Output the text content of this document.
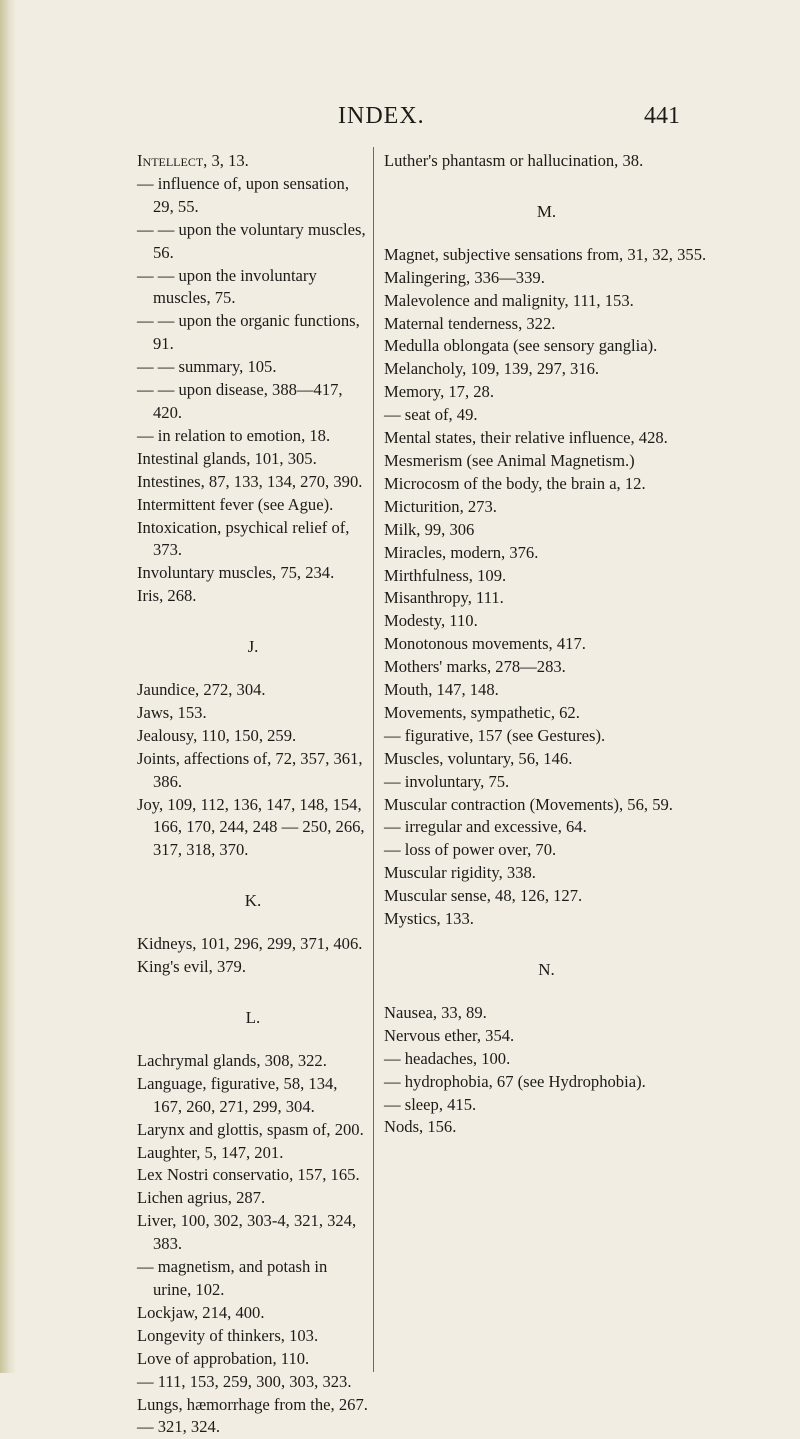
INDEX.	441
Intellect, 3, 13.
— influence of, upon sensation, 29, 55.
— — upon the voluntary muscles, 56.
— — upon the involuntary muscles, 75.
— — upon the organic functions, 91.
— — summary, 105.
— — upon disease, 388—417, 420.
— in relation to emotion, 18.
Intestinal glands, 101, 305.
Intestines, 87, 133, 134, 270, 390.
Intermittent fever (see Ague).
Intoxication, psychical relief of, 373.
Involuntary muscles, 75, 234.
Iris, 268.
J.
Jaundice, 272, 304.
Jaws, 153.
Jealousy, 110, 150, 259.
Joints, affections of, 72, 357, 361, 386.
Joy, 109, 112, 136, 147, 148, 154, 166, 170, 244, 248 — 250, 266, 317, 318, 370.
K.
Kidneys, 101, 296, 299, 371, 406.
King's evil, 379.
L.
Lachrymal glands, 308, 322.
Language, figurative, 58, 134, 167, 260, 271, 299, 304.
Larynx and glottis, spasm of, 200.
Laughter, 5, 147, 201.
Lex Nostri conservatio, 157, 165.
Lichen agrius, 287.
Liver, 100, 302, 303-4, 321, 324, 383.
— magnetism, and potash in urine, 102.
Lockjaw, 214, 400.
Longevity of thinkers, 103.
Love of approbation, 110.
— 111, 153, 259, 300, 303, 323.
Lungs, hæmorrhage from the, 267.
— 321, 324.
Luther's phantasm or hallucination, 38.
M.
Magnet, subjective sensations from, 31, 32, 355.
Malingering, 336—339.
Malevolence and malignity, 111, 153.
Maternal tenderness, 322.
Medulla oblongata (see sensory ganglia).
Melancholy, 109, 139, 297, 316.
Memory, 17, 28.
— seat of, 49.
Mental states, their relative influence, 428.
Mesmerism (see Animal Magnetism.)
Microcosm of the body, the brain a, 12.
Micturition, 273.
Milk, 99, 306
Miracles, modern, 376.
Mirthfulness, 109.
Misanthropy, 111.
Modesty, 110.
Monotonous movements, 417.
Mothers' marks, 278—283.
Mouth, 147, 148.
Movements, sympathetic, 62.
— figurative, 157 (see Gestures).
Muscles, voluntary, 56, 146.
— involuntary, 75.
Muscular contraction (Movements), 56, 59.
— irregular and excessive, 64.
— loss of power over, 70.
Muscular rigidity, 338.
Muscular sense, 48, 126, 127.
Mystics, 133.
N.
Nausea, 33, 89.
Nervous ether, 354.
— headaches, 100.
— hydrophobia, 67 (see Hydrophobia).
— sleep, 415.
Nods, 156.
